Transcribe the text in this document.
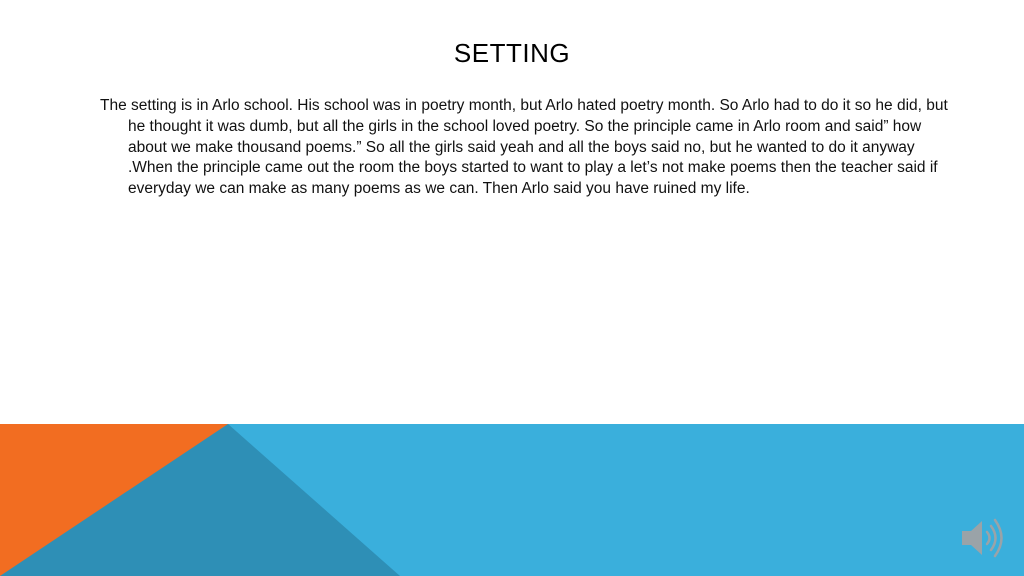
SETTING
The setting is in Arlo school. His school was in poetry month, but Arlo hated poetry month. So Arlo had to do it so he did, but he thought it was dumb, but all the girls in the school loved poetry. So the principle came in Arlo room and said” how about we make thousand poems.” So all the girls said yeah and all the boys said no, but he wanted to do it anyway .When the principle came out the room the boys started to want to play a let’s not make poems then the teacher said if everyday we can make as many poems as we can. Then Arlo said you have ruined my life.
